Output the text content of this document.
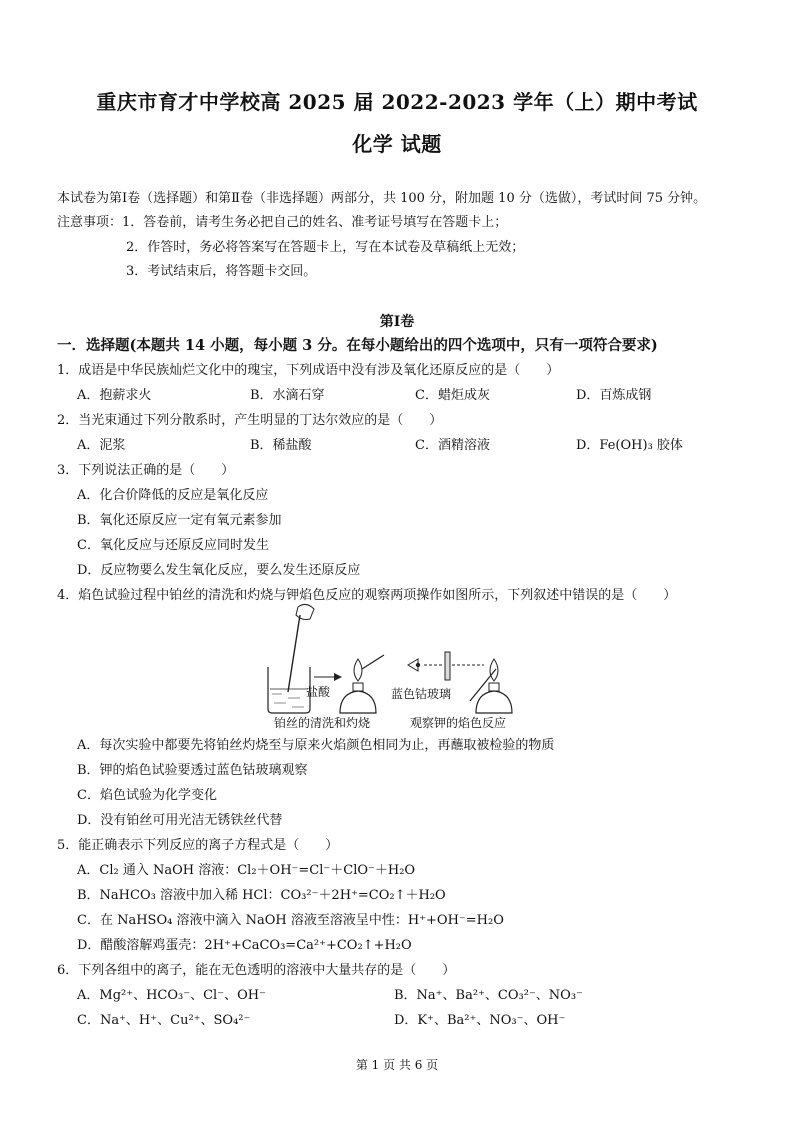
重庆市育才中学校高 2025 届 2022-2023 学年（上）期中考试
化学 试题
本试卷为第Ⅰ卷（选择题）和第Ⅱ卷（非选择题）两部分，共 100 分，附加题 10 分（选做），考试时间 75 分钟。
注意事项：1．答卷前，请考生务必把自己的姓名、准考证号填写在答题卡上；
2．作答时，务必将答案写在答题卡上，写在本试卷及草稿纸上无效；
3．考试结束后，将答题卡交回。
第Ⅰ卷
一．选择题(本题共 14 小题，每小题 3 分。在每小题给出的四个选项中，只有一项符合要求)
1．成语是中华民族灿烂文化中的瑰宝，下列成语中没有涉及氧化还原反应的是（　　）
A．抱薪求火	B．水滴石穿	C．蜡炬成灰	D．百炼成钢
2．当光束通过下列分散系时，产生明显的丁达尔效应的是（　　）
A．泥浆	B．稀盐酸	C．酒精溶液	D．Fe(OH)₃ 胶体
3．下列说法正确的是（　　）
A．化合价降低的反应是氧化反应
B．氧化还原反应一定有氧元素参加
C．氧化反应与还原反应同时发生
D．反应物要么发生氧化反应，要么发生还原反应
4．焰色试验过程中铂丝的清洗和灼烧与钾焰色反应的观察两项操作如图所示，下列叙述中错误的是（　　）
盐酸	蓝色钴玻璃
铂丝的清洗和灼烧	观察钾的焰色反应
A．每次实验中都要先将铂丝灼烧至与原来火焰颜色相同为止，再蘸取被检验的物质
B．钾的焰色试验要透过蓝色钴玻璃观察
C．焰色试验为化学变化
D．没有铂丝可用光洁无锈铁丝代替
5．能正确表示下列反应的离子方程式是（　　）
A．Cl₂ 通入 NaOH 溶液：Cl₂＋OH⁻=Cl⁻＋ClO⁻＋H₂O
B．NaHCO₃ 溶液中加入稀 HCl：CO₃²⁻＋2H⁺=CO₂↑＋H₂O
C．在 NaHSO₄ 溶液中滴入 NaOH 溶液至溶液呈中性：H⁺+OH⁻=H₂O
D．醋酸溶解鸡蛋壳：2H⁺+CaCO₃=Ca²⁺+CO₂↑+H₂O
6．下列各组中的离子，能在无色透明的溶液中大量共存的是（　　）
A．Mg²⁺、HCO₃⁻、Cl⁻、OH⁻	B．Na⁺、Ba²⁺、CO₃²⁻、NO₃⁻
C．Na⁺、H⁺、Cu²⁺、SO₄²⁻	D．K⁺、Ba²⁺、NO₃⁻、OH⁻
第 1 页 共 6 页
